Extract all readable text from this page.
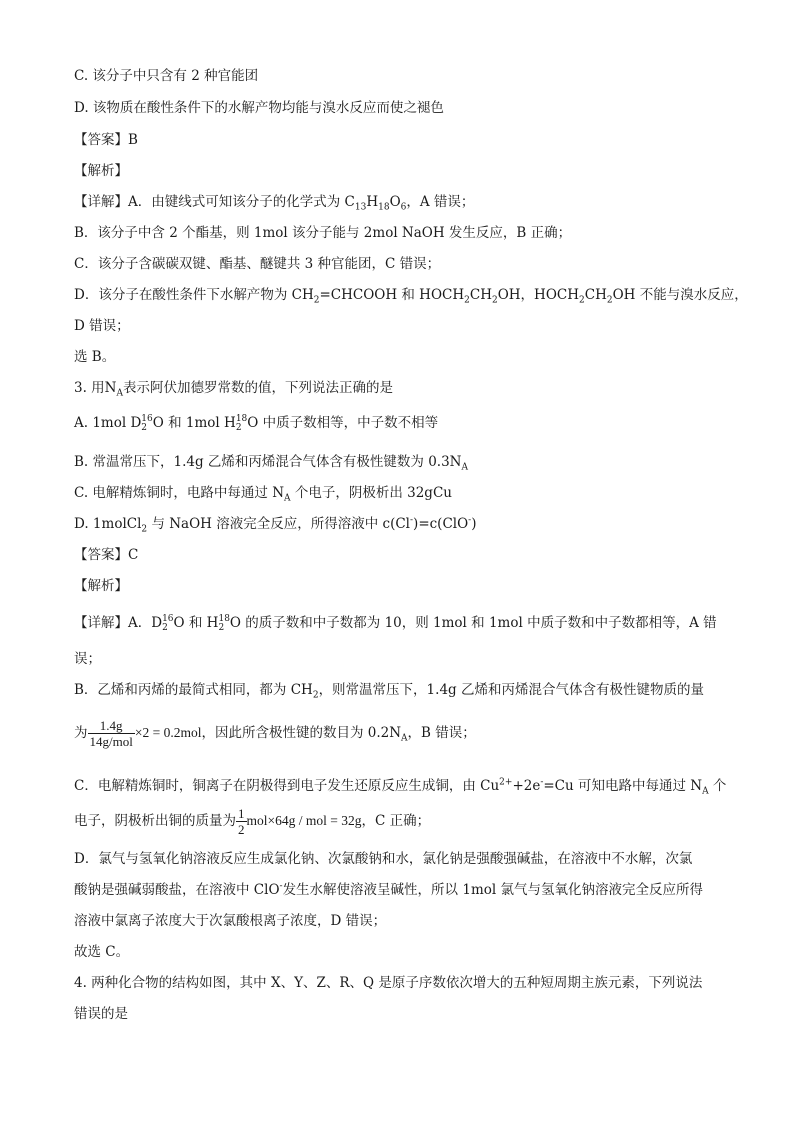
C. 该分子中只含有 2 种官能团
D. 该物质在酸性条件下的水解产物均能与溴水反应而使之褪色
【答案】B
【解析】
【详解】A．由键线式可知该分子的化学式为 $C_{13}H_{18}O_6$，A 错误；
B．该分子中含 2 个酯基，则 1mol 该分子能与 2mol NaOH 发生反应，B 正确；
C．该分子含碳碳双键、酯基、醚键共 3 种官能团，C 错误；
D．该分子在酸性条件下水解产物为 $CH_2=CHCOOH$ 和 $HOCH_2CH_2OH$，$HOCH_2CH_2OH$ 不能与溴水反应，
D 错误；
选 B。
3. 用$N_A$表示阿伏加德罗常数的值，下列说法正确的是
A. 1mol D 16
2 O 和 1mol H 18
2 O 中质子数相等，中子数不相等
B. 常温常压下，1.4g 乙烯和丙烯混合气体含有极性键数为 $0.3N_A$
C. 电解精炼铜时，电路中每通过 $N_A$ 个电子，阴极析出 32gCu
D. 1molCl$_2$ 与 NaOH 溶液完全反应，所得溶液中 c(Cl-)=c(ClO-)
【答案】C
【解析】
【详解】A．D 16
2 O 和 H 18
2 O 的质子数和中子数都为 10，则 1mol 和 1mol 中质子数和中子数都相等，A 错
误；
B．乙烯和丙烯的最简式相同，都为 $CH_2$，则常温常压下，1.4g 乙烯和丙烯混合气体含有极性键物质的量
为 $\frac{1.4g}{\text{14g/mol}} \times 2 = 0.2mol$，因此所含极性键的数目为 $0.2N_A$，B 错误；
C．电解精炼铜时，铜离子在阴极得到电子发生还原反应生成铜，由 $Cu^{2+}+2e^-=Cu$ 可知电路中每通过 $N_A$ 个
电子，阴极析出铜的质量为 $\frac{1}{2} mol\times 64g$ / mol = 32g，C 正确；
D．氯气与氢氧化钠溶液反应生成氯化钠、次氯酸钠和水，氯化钠是强酸强碱盐，在溶液中不水解，次氯
酸钠是强碱弱酸盐，在溶液中 ClO-发生水解使溶液呈碱性，所以 1mol 氯气与氢氧化钠溶液完全反应所得
溶液中氯离子浓度大于次氯酸根离子浓度，D 错误；
故选 C。
4. 两种化合物的结构如图，其中 X、Y、Z、R、Q 是原子序数依次增大的五种短周期主族元素，下列说法
错误的是
